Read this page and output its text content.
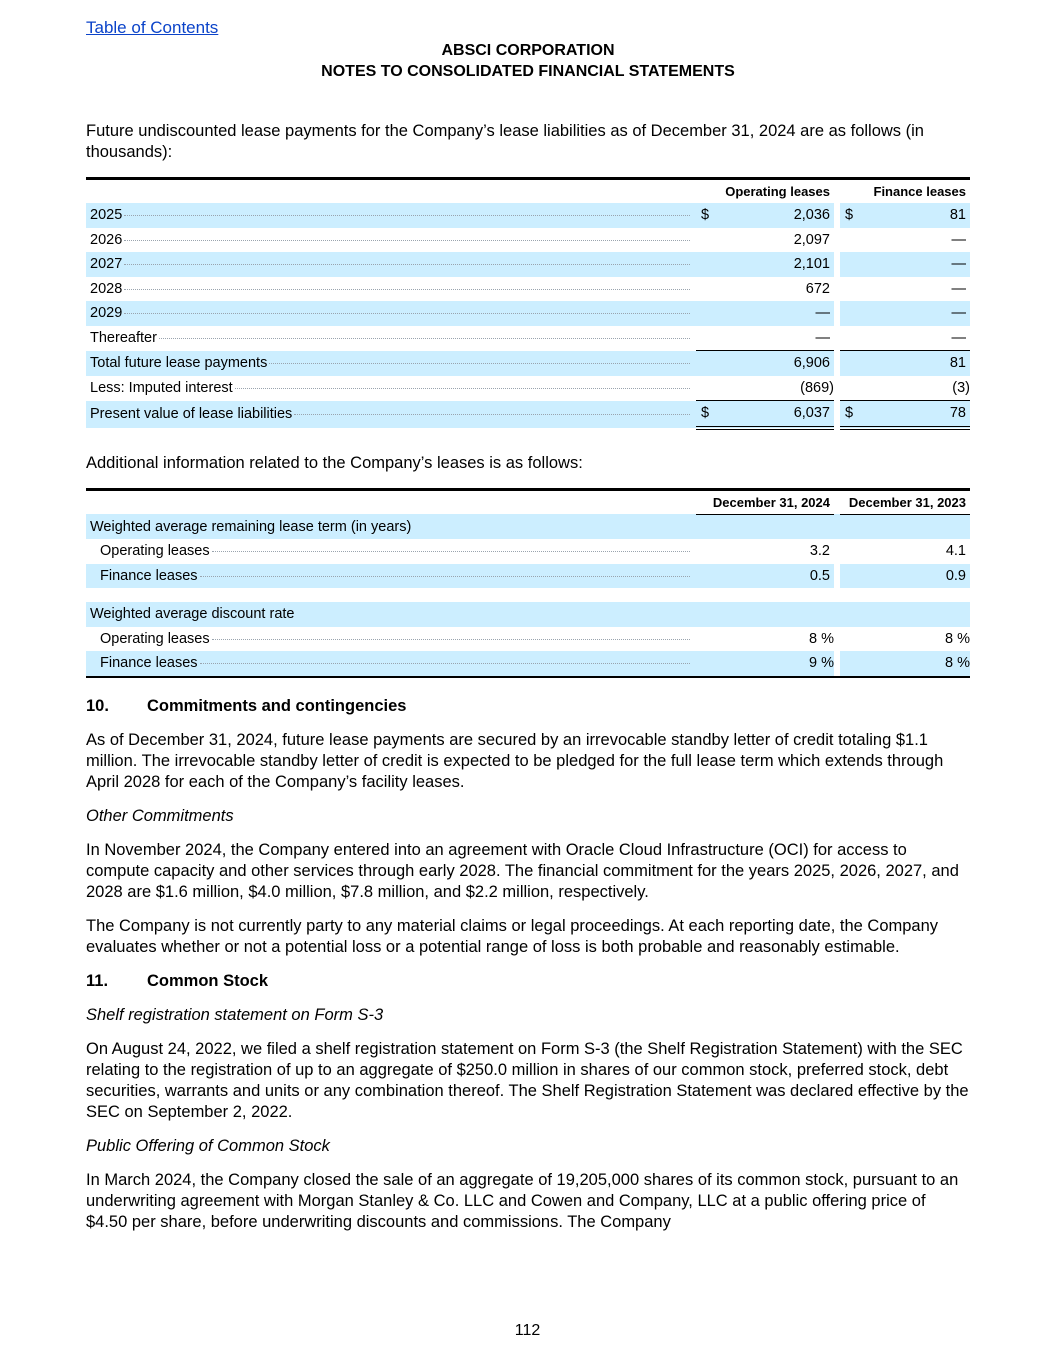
Table of Contents
ABSCI CORPORATION
NOTES TO CONSOLIDATED FINANCIAL STATEMENTS

Future undiscounted lease payments for the Company’s lease liabilities as of December 31, 2024 are as follows (in thousands):

	Operating leases			Finance leases	

2025	$	2,036		$	81

2026		2,097			—

2027		2,101			—

2028		672			—

2029		—			—

Thereafter		—			—

Total future lease payments		6,906			81

Less: Imputed interest		(869)			(3)

Present value of lease liabilities	$	6,037		$	78

Additional information related to the Company’s leases is as follows:

	December 31, 2024			December 31, 2023	
Weighted average remaining lease term (in years)					

Operating leases		3.2			4.1

Finance leases		0.5			0.9

Weighted average discount rate					

Operating leases		8 %			8 %

Finance leases		9 %			8 %
10. Commitments and contingencies

As of December 31, 2024, future lease payments are secured by an irrevocable standby letter of credit totaling $1.1 million. The irrevocable standby letter of credit is expected to be pledged for the full lease term which extends through April 2028 for each of the Company’s facility leases.

Other Commitments

In November 2024, the Company entered into an agreement with Oracle Cloud Infrastructure (OCI) for access to compute capacity and other services through early 2028. The financial commitment for the years 2025, 2026, 2027, and 2028 are $1.6 million, $4.0 million, $7.8 million, and $2.2 million, respectively.

The Company is not currently party to any material claims or legal proceedings. At each reporting date, the Company evaluates whether or not a potential loss or a potential range of loss is both probable and reasonably estimable.

11. Common Stock

Shelf registration statement on Form S-3

On August 24, 2022, we filed a shelf registration statement on Form S-3 (the Shelf Registration Statement) with the SEC relating to the registration of up to an aggregate of $250.0 million in shares of our common stock, preferred stock, debt securities, warrants and units or any combination thereof. The Shelf Registration Statement was declared effective by the SEC on September 2, 2022.

Public Offering of Common Stock

In March 2024, the Company closed the sale of an aggregate of 19,205,000 shares of its common stock, pursuant to an underwriting agreement with Morgan Stanley & Co. LLC and Cowen and Company, LLC at a public offering price of $4.50 per share, before underwriting discounts and commissions. The Company

112
